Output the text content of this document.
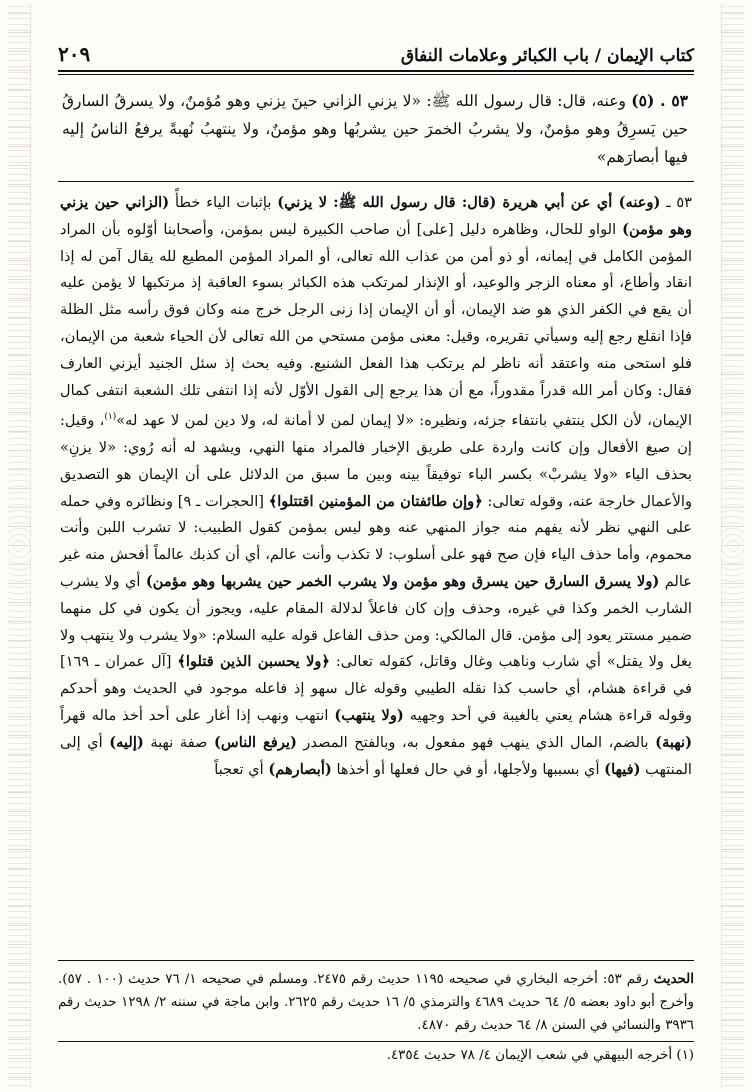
كتاب الإيمان / باب الكبائر وعلامات النفاق
٢٠٩
٥٣ . (٥) وعنه، قال: قال رسول الله ﷺ: «لا يزني الزاني حينَ يزني وهو مُؤمنٌ، ولا يسرقُ السارقُ حين يَسرِقُ وهو مؤمنٌ، ولا يشربُ الخمرَ حين يشربُها وهو مؤمنٌ، ولا ينتهبُ نُهبةً يرفعُ الناسُ إليه فيها أبصارَهم»

٥٣ ـ (وعنه) أي عن أبي هريرة (قال: قال رسول الله ﷺ: لا يزني) بإثبات الياء خطأً (الزاني حين يزني وهو مؤمن) الواو للحال، وظاهره دليل [على] أن صاحب الكبيرة ليس بمؤمن، وأصحابنا أوّلوه بأن المراد المؤمن الكامل في إيمانه، أو ذو أمن من عذاب الله تعالى، أو المراد المؤمن المطيع لله يقال آمن له إذا انقاد وأطاع، أو معناه الزجر والوعيد، أو الإنذار لمرتكب هذه الكبائر بسوء العاقبة إذ مرتكبها لا يؤمن عليه أن يقع في الكفر الذي هو ضد الإيمان، أو أن الإيمان إذا زنى الرجل خرج منه وكان فوق رأسه مثل الظلة فإذا انقلع رجع إليه وسيأتي تقريره، وقيل: معنى مؤمن مستحي من الله تعالى لأن الحياء شعبة من الإيمان، فلو استحى منه واعتقد أنه ناظر لم يرتكب هذا الفعل الشنيع. وفيه بحث إذ سئل الجنيد أيزني العارف فقال: وكان أمر الله قدراً مقدوراً، مع أن هذا يرجع إلى القول الأوّل لأنه إذا انتفى تلك الشعبة انتفى كمال الإيمان، لأن الكل ينتفي بانتفاء جزئه، ونظيره: «لا إيمان لمن لا أمانة له، ولا دين لمن لا عهد له»$^{(١)}$، وقيل: إن صيغ الأفعال وإن كانت واردة على طريق الإخبار فالمراد منها النهي، ويشهد له أنه رُوي: «لا يزنِ» بحذف الياء «ولا يشربْ» بكسر الباء توفيقاً بينه وبين ما سبق من الدلائل على أن الإيمان هو التصديق والأعمال خارجة عنه، وقوله تعالى: ﴿وإن طائفتان من المؤمنين اقتتلوا﴾ [الحجرات ـ ٩] ونظائره وفي حمله على النهي نظر لأنه يفهم منه جواز المنهي عنه وهو ليس بمؤمن كقول الطبيب: لا تشرب اللبن وأنت محموم، وأما حذف الياء فإن صح فهو على أسلوب: لا تكذب وأنت عالم، أي أن كذبك عالماً أفحش منه غير عالم (ولا يسرق السارق حين يسرق وهو مؤمن ولا يشرب الخمر حين يشربها وهو مؤمن) أي ولا يشرب الشارب الخمر وكذا في غيره، وحذف وإن كان فاعلاً لدلالة المقام عليه، ويجوز أن يكون في كل منهما ضمير مستتر يعود إلى مؤمن. قال المالكي: ومن حذف الفاعل قوله عليه السلام: «ولا يشرب ولا ينتهب ولا يغل ولا يقتل» أي شارب وناهب وغال وقاتل، كقوله تعالى: ﴿ولا يحسبن الذين قتلوا﴾ [آل عمران ـ ١٦٩] في قراءة هشام، أي حاسب كذا نقله الطيبي وقوله غال سهو إذ فاعله موجود في الحديث وهو أحدكم وقوله قراءة هشام يعني بالغيبة في أحد وجهيه (ولا ينتهب) انتهب ونهب إذا أغار على أحد أخذ ماله قهراً (نهبة) بالضم، المال الذي ينهب فهو مفعول به، وبالفتح المصدر (يرفع الناس) صفة نهبة (إليه) أي إلى المنتهب (فيها) أي بسببها ولأجلها، أو في حال فعلها أو أخذها (أبصارهم) أي تعجباً

الحديث رقم ٥٣: أخرجه البخاري في صحيحه ١١٩٥ حديث رقم ٢٤٧٥. ومسلم في صحيحه ١/ ٧٦ حديث (١٠٠ . ٥٧). وأخرج أبو داود بعضه ٥/ ٦٤ حديث ٤٦٨٩ والترمذي ٥/ ١٦ حديث رقم ٢٦٢٥. وابن ماجة في سننه ٢/ ١٢٩٨ حديث رقم ٣٩٣٦ والنسائي في السنن ٨/ ٦٤ حديث رقم ٤٨٧٠.
(١) أخرجه البيهقي في شعب الإيمان ٤/ ٧٨ حديث ٤٣٥٤.
